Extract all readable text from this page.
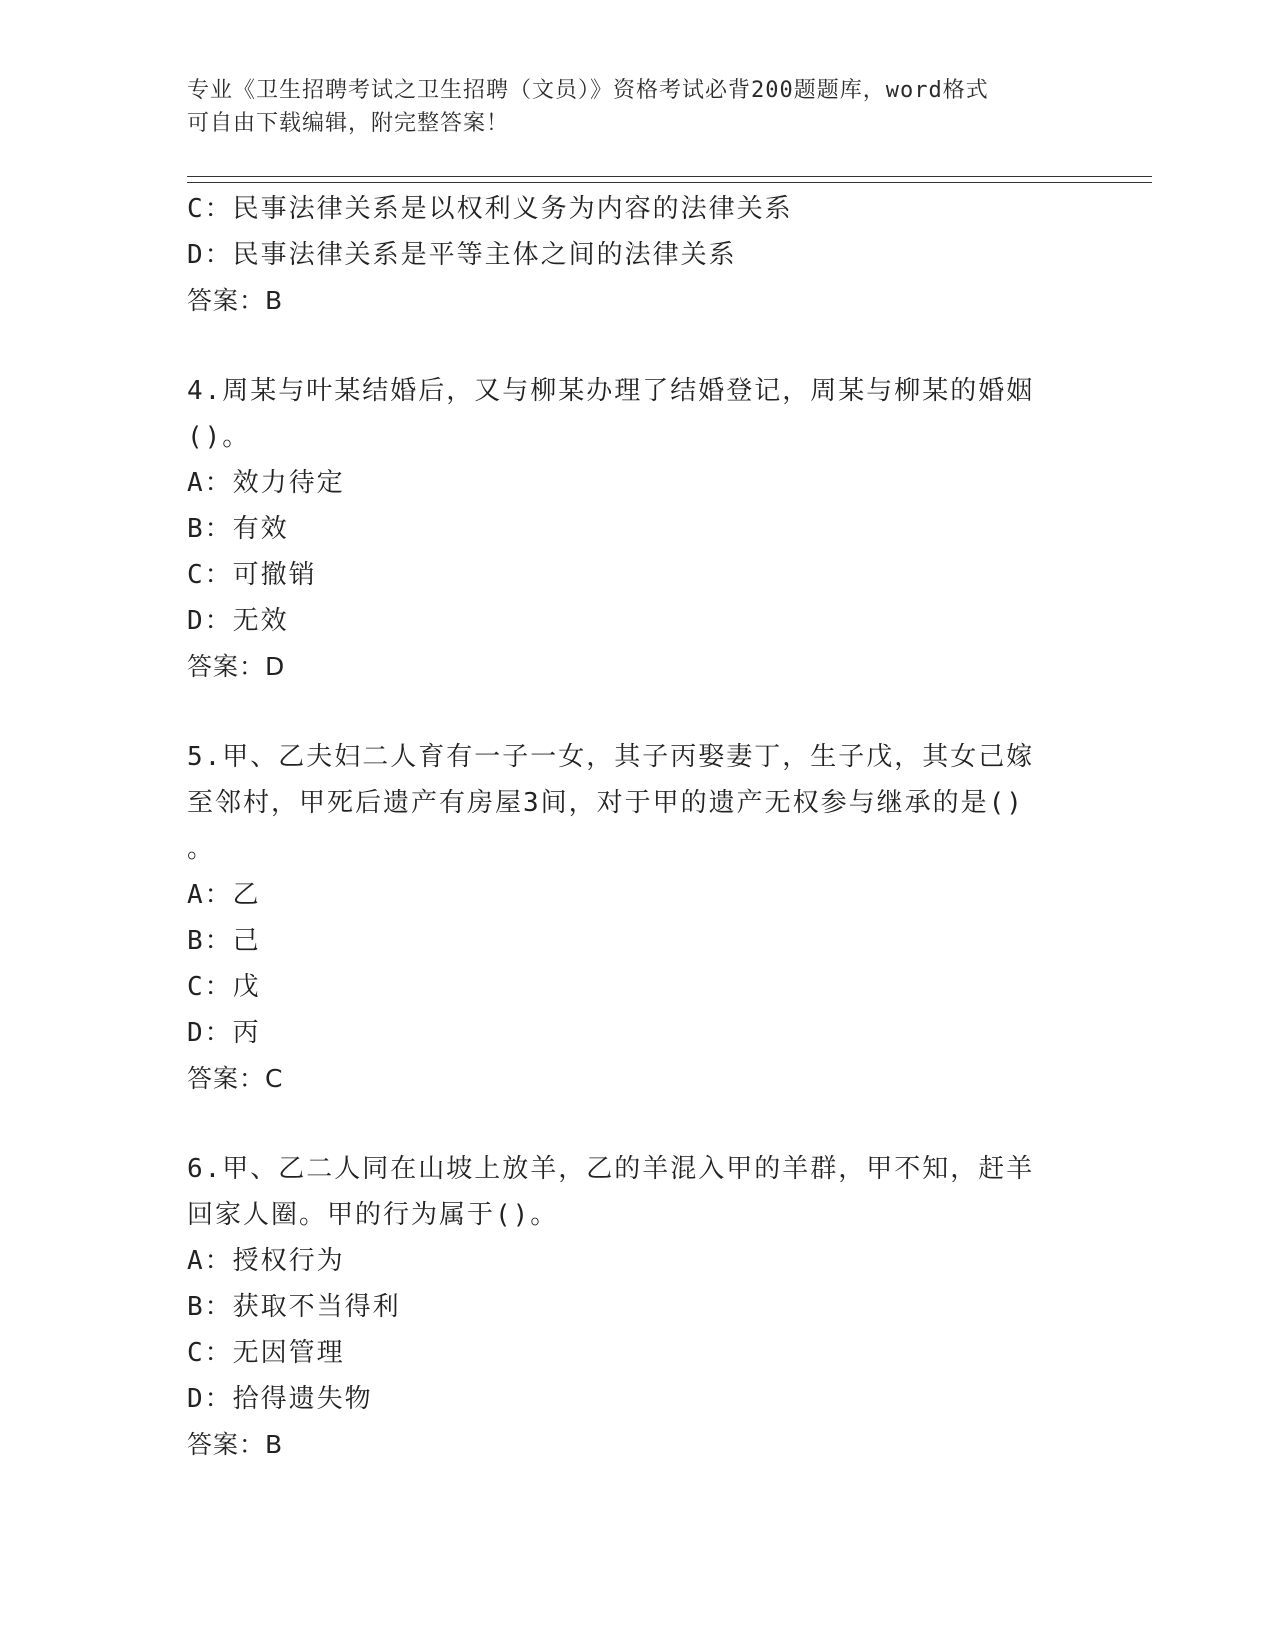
专业《卫生招聘考试之卫生招聘（文员）》资格考试必背200题题库，word格式
可自由下载编辑，附完整答案！
C：民事法律关系是以权利义务为内容的法律关系
D：民事法律关系是平等主体之间的法律关系
答案：B
4.周某与叶某结婚后，又与柳某办理了结婚登记，周某与柳某的婚姻
()。
A：效力待定
B：有效
C：可撤销
D：无效
答案：D
5.甲、乙夫妇二人育有一子一女，其子丙娶妻丁，生子戊，其女己嫁
至邻村，甲死后遗产有房屋3间，对于甲的遗产无权参与继承的是()
。
A：乙
B：己
C：戊
D：丙
答案：C
6.甲、乙二人同在山坡上放羊，乙的羊混入甲的羊群，甲不知，赶羊
回家人圈。甲的行为属于()。
A：授权行为
B：获取不当得利
C：无因管理
D：拾得遗失物
答案：B
